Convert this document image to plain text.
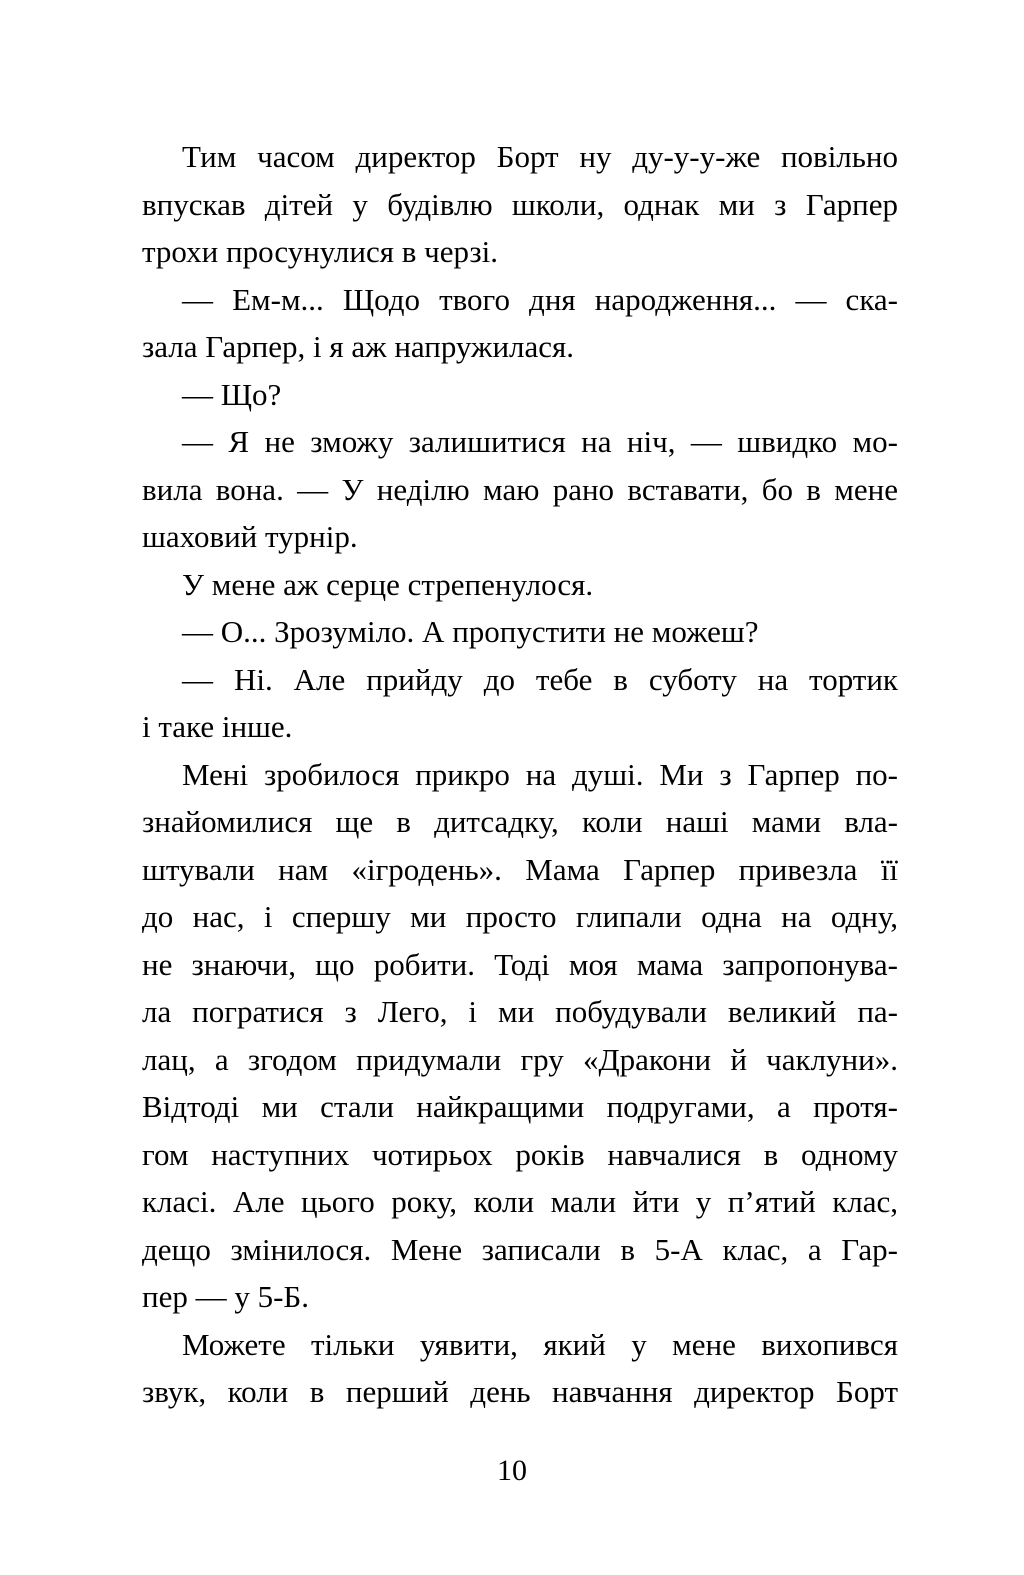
Тим часом директор Борт ну ду-у-у-же повільно
впускав дітей у будівлю школи, однак ми з Гарпер
трохи просунулися в черзі.
— Ем-м... Щодо твого дня народження... — ска-
зала Гарпер, і я аж напружилася.
— Що?
— Я не зможу залишитися на ніч, — швидко мо-
вила вона. — У неділю маю рано вставати, бо в мене
шаховий турнір.
У мене аж серце стрепенулося.
— О... Зрозуміло. А пропустити не можеш?
— Ні. Але прийду до тебе в суботу на тортик
і таке інше.
Мені зробилося прикро на душі. Ми з Гарпер по-
знайомилися ще в дитсадку, коли наші мами вла-
штували нам «ігродень». Мама Гарпер привезла її
до нас, і спершу ми просто глипали одна на одну,
не знаючи, що робити. Тоді моя мама запропонува-
ла погратися з Лего, і ми побудували великий па-
лац, а згодом придумали гру «Дракони й чаклуни».
Відтоді ми стали найкращими подругами, а протя-
гом наступних чотирьох років навчалися в одному
класі. Але цього року, коли мали йти у п’ятий клас,
дещо змінилося. Мене записали в 5-А клас, а Гар-
пер — у 5-Б.
Можете тільки уявити, який у мене вихопився
звук, коли в перший день навчання директор Борт
10
